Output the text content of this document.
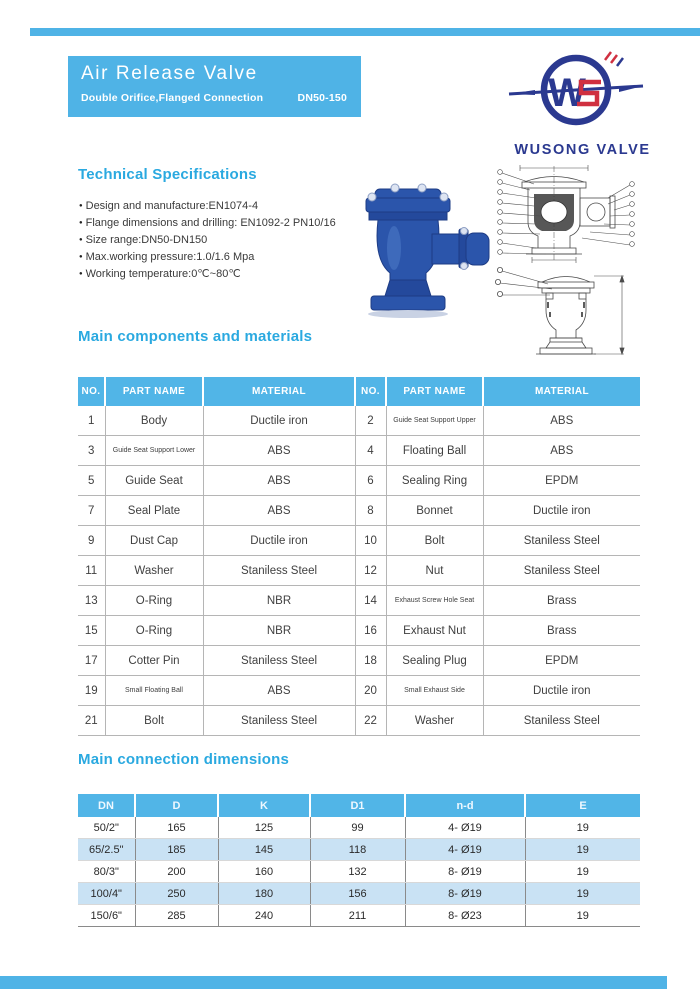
Air Release Valve
Double Orifice,Flanged Connection	DN50-150	W
WUSONG VALVE
Technical Specifications
● Design and manufacture:EN1074-4
● Flange dimensions and drilling: EN1092-2 PN10/16
● Size range:DN50-DN150
● Max.working pressure:1.0/1.6 Mpa
● Working temperature:0℃~80℃
Main components and materials
NO.	PART NAME	MATERIAL	NO.	PART NAME	MATERIAL
1	Body	Ductile iron	2	Guide Seat Support Upper	ABS
3	Guide Seat Support Lower	ABS	4	Floating Ball	ABS
5	Guide Seat	ABS	6	Sealing Ring	EPDM
7	Seal Plate	ABS	8	Bonnet	Ductile iron
9	Dust Cap	Ductile iron	10	Bolt	Staniless Steel
11	Washer	Staniless Steel	12	Nut	Staniless Steel
13	O-Ring	NBR	14	Exhaust Screw Hole Seat	Brass
15	O-Ring	NBR	16	Exhaust Nut	Brass
17	Cotter Pin	Staniless Steel	18	Sealing Plug	EPDM
19	Small Floating Ball	ABS	20	Small Exhaust Side	Ductile iron
21	Bolt	Staniless Steel	22	Washer	Staniless Steel
Main connection dimensions
DN	D	K	D1	n-d	E
50/2"	165	125	99	4- Ø19	19
65/2.5"	185	145	118	4- Ø19	19
80/3"	200	160	132	8- Ø19	19
100/4"	250	180	156	8- Ø19	19
150/6"	285	240	211	8- Ø23	19
